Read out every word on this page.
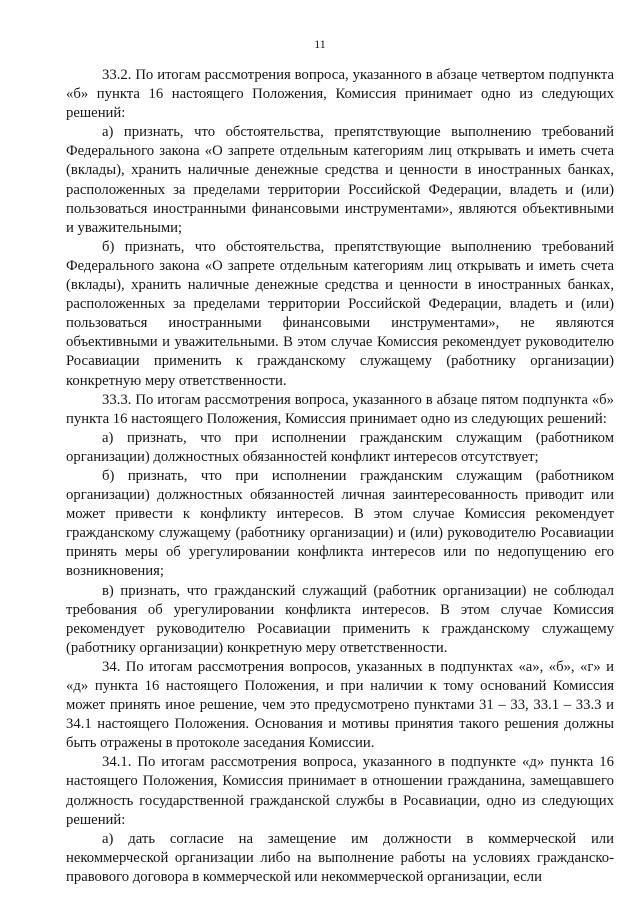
11

33.2. По итогам рассмотрения вопроса, указанного в абзаце четвертом подпункта «б» пункта 16 настоящего Положения, Комиссия принимает одно из следующих решений:

а) признать, что обстоятельства, препятствующие выполнению требований Федерального закона «О запрете отдельным категориям лиц открывать и иметь счета (вклады), хранить наличные денежные средства и ценности в иностранных банках, расположенных за пределами территории Российской Федерации, владеть и (или) пользоваться иностранными финансовыми инструментами», являются объективными и уважительными;

б) признать, что обстоятельства, препятствующие выполнению требований Федерального закона «О запрете отдельным категориям лиц открывать и иметь счета (вклады), хранить наличные денежные средства и ценности в иностранных банках, расположенных за пределами территории Российской Федерации, владеть и (или) пользоваться иностранными финансовыми инструментами», не являются объективными и уважительными. В этом случае Комиссия рекомендует руководителю Росавиации применить к гражданскому служащему (работнику организации) конкретную меру ответственности.

33.3. По итогам рассмотрения вопроса, указанного в абзаце пятом подпункта «б» пункта 16 настоящего Положения, Комиссия принимает одно из следующих решений:

а) признать, что при исполнении гражданским служащим (работником организации) должностных обязанностей конфликт интересов отсутствует;

б) признать, что при исполнении гражданским служащим (работником организации) должностных обязанностей личная заинтересованность приводит или может привести к конфликту интересов. В этом случае Комиссия рекомендует гражданскому служащему (работнику организации) и (или) руководителю Росавиации принять меры об урегулировании конфликта интересов или по недопущению его возникновения;

в) признать, что гражданский служащий (работник организации) не соблюдал требования об урегулировании конфликта интересов. В этом случае Комиссия рекомендует руководителю Росавиации применить к гражданскому служащему (работнику организации) конкретную меру ответственности.

34. По итогам рассмотрения вопросов, указанных в подпунктах «а», «б», «г» и «д» пункта 16 настоящего Положения, и при наличии к тому оснований Комиссия может принять иное решение, чем это предусмотрено пунктами 31 – 33, 33.1 – 33.3 и 34.1 настоящего Положения. Основания и мотивы принятия такого решения должны быть отражены в протоколе заседания Комиссии.

34.1. По итогам рассмотрения вопроса, указанного в подпункте «д» пункта 16 настоящего Положения, Комиссия принимает в отношении гражданина, замещавшего должность государственной гражданской службы в Росавиации, одно из следующих решений:

а) дать согласие на замещение им должности в коммерческой или некоммерческой организации либо на выполнение работы на условиях гражданско-правового договора в коммерческой или некоммерческой организации, если
